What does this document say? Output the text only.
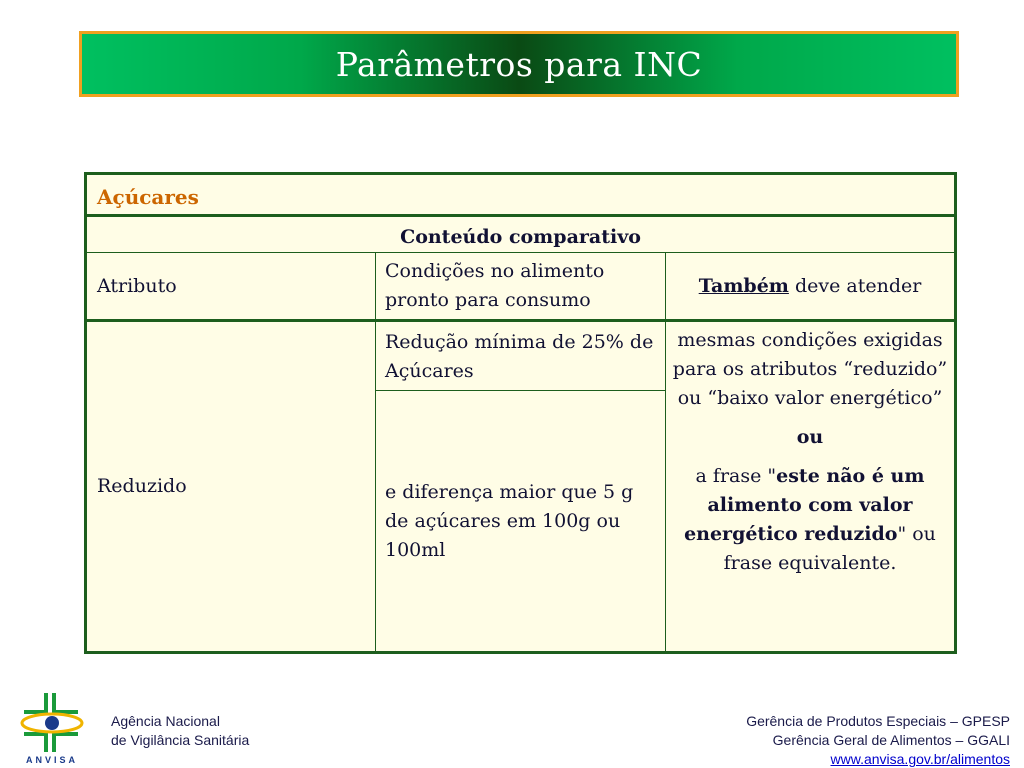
Parâmetros para INC
Açúcares		
Conteúdo comparativo		
Atributo	Condições no alimento pronto para consumo	Também deve atender
Reduzido	Redução mínima de 25% de Açúcares	mesmas condições exigidas para os atributos “reduzido” ou “baixo valor energético”
ou
a frase "este não é um alimento com valor energético reduzido" ou frase equivalente.

	e diferença maior que 5 g de açúcares em 100g ou 100ml	
ANVISA
Agência Nacional
de Vigilância Sanitária
Gerência de Produtos Especiais – GPESP
Gerência Geral de Alimentos – GGALI
www.anvisa.gov.br/alimentos
